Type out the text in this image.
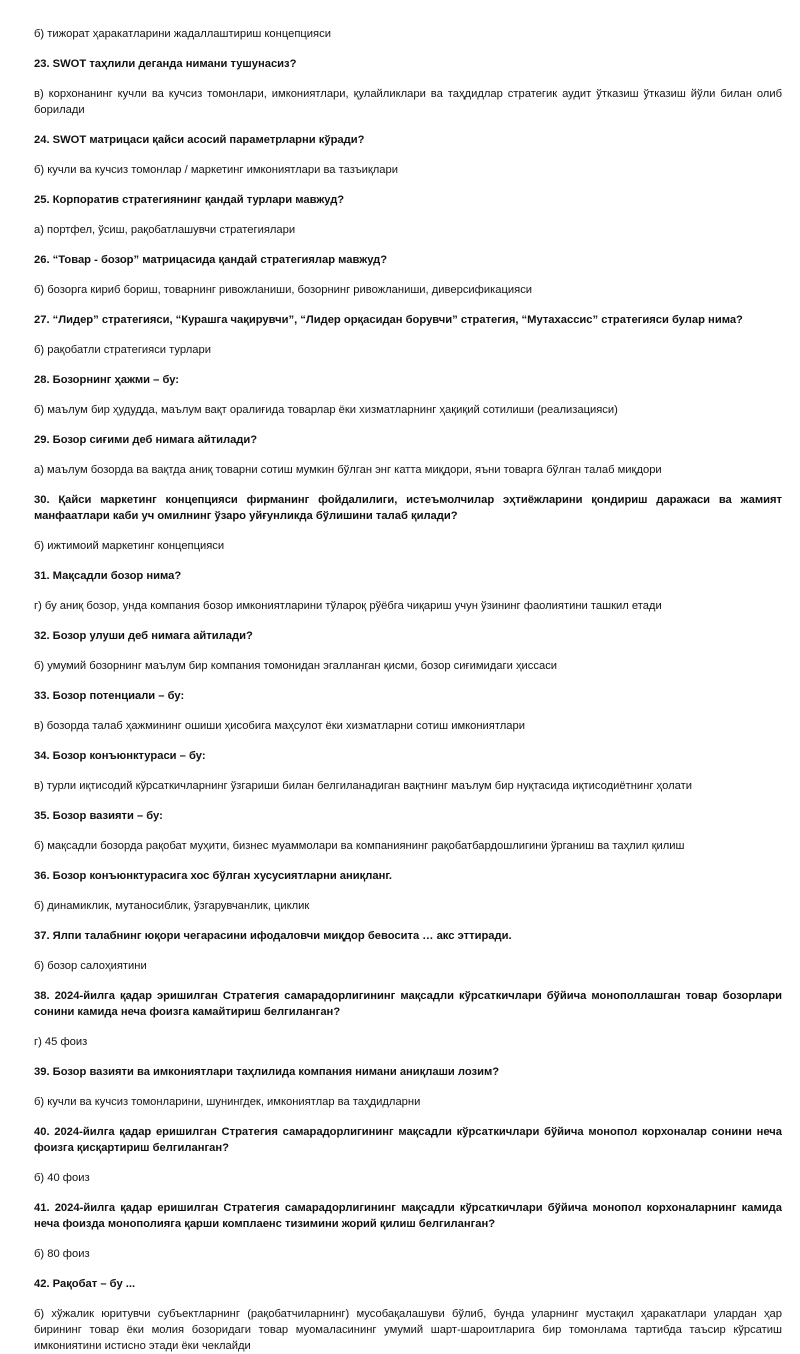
б) тижорат ҳаракатларини жадаллаштириш концепцияси

23. SWOT таҳлили деганда нимани тушунасиз?

в) корхонанинг кучли ва кучсиз томонлари, имкониятлари, қулайликлари ва таҳдидлар стратегик аудит ўтказиш ўтказиш йўли билан олиб борилади

24. SWOT матрицаси қайси асосий параметрларни кўради?

б) кучли ва кучсиз томонлар / маркетинг имкониятлари ва тазъиқлари

25. Корпоратив стратегиянинг қандай турлари мавжуд?

а) портфел, ўсиш, рақобатлашувчи стратегиялари

26. “Товар - бозор” матрицасида қандай стратегиялар мавжуд?

б) бозорга кириб бориш, товарнинг ривожланиши, бозорнинг ривожланиши, диверсификацияси

27. “Лидер” стратегияси, “Курашга чақирувчи”, “Лидер орқасидан борувчи” стратегия, “Мутахассис” стратегияси булар нима?

б) рақобатли стратегияси турлари

28. Бозорнинг ҳажми – бу:

б) маълум бир ҳудудда, маълум вақт оралиғида товарлар ёки хизматларнинг ҳақиқий сотилиши (реализацияси)

29. Бозор сиғими деб нимага айтилади?

а) маълум бозорда ва вақтда аниқ товарни сотиш мумкин бўлган энг катта миқдори, яъни товарга бўлган талаб миқдори

30. Қайси маркетинг концепцияси фирманинг фойдалилиги, истеъмолчилар эҳтиёжларини қондириш даражаси ва жамият манфаатлари каби уч омилнинг ўзаро уйғунликда бўлишини талаб қилади?

б) ижтимоий маркетинг концепцияси

31. Мақсадли бозор нима?

г) бу аниқ бозор, унда компания бозор имкониятларини тўлароқ рўёбга чиқариш учун ўзининг фаолиятини ташкил етади

32. Бозор улуши деб нимага айтилади?

б) умумий бозорнинг маълум бир компания томонидан эгалланган қисми, бозор сиғимидаги ҳиссаси

33. Бозор потенциали – бу:

в) бозорда талаб ҳажмининг ошиши ҳисобига маҳсулот ёки хизматларни сотиш имкониятлари

34. Бозор конъюнктураси – бу:

в) турли иқтисодий кўрсаткичларнинг ўзгариши билан белгиланадиган вақтнинг маълум бир нуқтасида иқтисодиётнинг ҳолати

35. Бозор вазияти – бу:

б) мақсадли бозорда рақобат муҳити, бизнес муаммолари ва компаниянинг рақобатбардошлигини ўрганиш ва таҳлил қилиш

36. Бозор конъюнктурасига хос бўлган хусусиятларни аниқланг.

б) динамиклик, мутаносиблик, ўзгарувчанлик, циклик

37. Ялпи талабнинг юқори чегарасини ифодаловчи миқдор бевосита … акс эттиради.

б) бозор салоҳиятини

38. 2024-йилга қадар эришилган Стратегия самарадорлигининг мақсадли кўрсаткичлари бўйича монополлашган товар бозорлари сонини камида неча фоизга камайтириш белгиланган?

г) 45 фоиз

39. Бозор вазияти ва имкониятлари таҳлилида компания нимани аниқлаши лозим?

б) кучли ва кучсиз томонларини, шунингдек, имкониятлар ва таҳдидларни

40. 2024-йилга қадар еришилган Стратегия самарадорлигининг мақсадли кўрсаткичлари бўйича монопол корхоналар сонини неча фоизга қисқартириш белгиланган?

б) 40 фоиз

41. 2024-йилга қадар еришилган Стратегия самарадорлигининг мақсадли кўрсаткичлари бўйича монопол корхоналарнинг камида неча фоизда монополияга қарши комплаенс тизимини жорий қилиш белгиланган?

б) 80 фоиз

42. Рақобат – бу ...

б) хўжалик юритувчи субъектларнинг (рақобатчиларнинг) мусобақалашуви бўлиб, бунда уларнинг мустақил ҳаракатлари улардан ҳар бирининг товар ёки молия бозоридаги товар муомаласининг умумий шарт-шароитларига бир томонлама тартибда таъсир кўрсатиш имкониятини истисно этади ёки чеклайди
